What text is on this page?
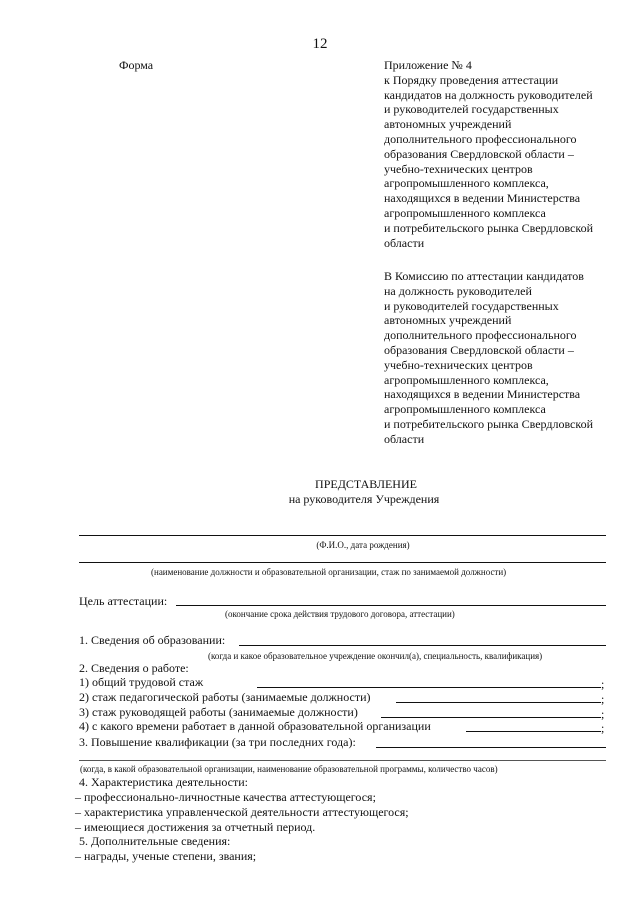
12
Форма	Приложение № 4
к Порядку проведения аттестации
кандидатов на должность руководителей
и руководителей государственных
автономных учреждений
дополнительного профессионального
образования Свердловской области –
учебно-технических центров
агропромышленного комплекса,
находящихся в ведении Министерства
агропромышленного комплекса
и потребительского рынка Свердловской
области
В Комиссию по аттестации кандидатов
на должность руководителей
и руководителей государственных
автономных учреждений
дополнительного профессионального
образования Свердловской области –
учебно-технических центров
агропромышленного комплекса,
находящихся в ведении Министерства
агропромышленного комплекса
и потребительского рынка Свердловской
области
ПРЕДСТАВЛЕНИЕ
на руководителя Учреждения
(Ф.И.О., дата рождения)
(наименование должности и образовательной организации, стаж по занимаемой должности)
Цель аттестации:
(окончание срока действия трудового договора, аттестации)
1. Сведения об образовании:
(когда и какое образовательное учреждение окончил(а), специальность, квалификация)
2. Сведения о работе:
1) общий трудовой стаж	;
2) стаж педагогической работы (занимаемые должности)	;
3) стаж руководящей работы (занимаемые должности)	;
4) с какого времени работает в данной образовательной организации	;
3. Повышение квалификации (за три последних года):
(когда, в какой образовательной организации, наименование образовательной программы, количество часов)
4. Характеристика деятельности:
– профессионально-личностные качества аттестующегося;
– характеристика управленческой деятельности аттестующегося;
– имеющиеся достижения за отчетный период.
5. Дополнительные сведения:
– награды, ученые степени, звания;
